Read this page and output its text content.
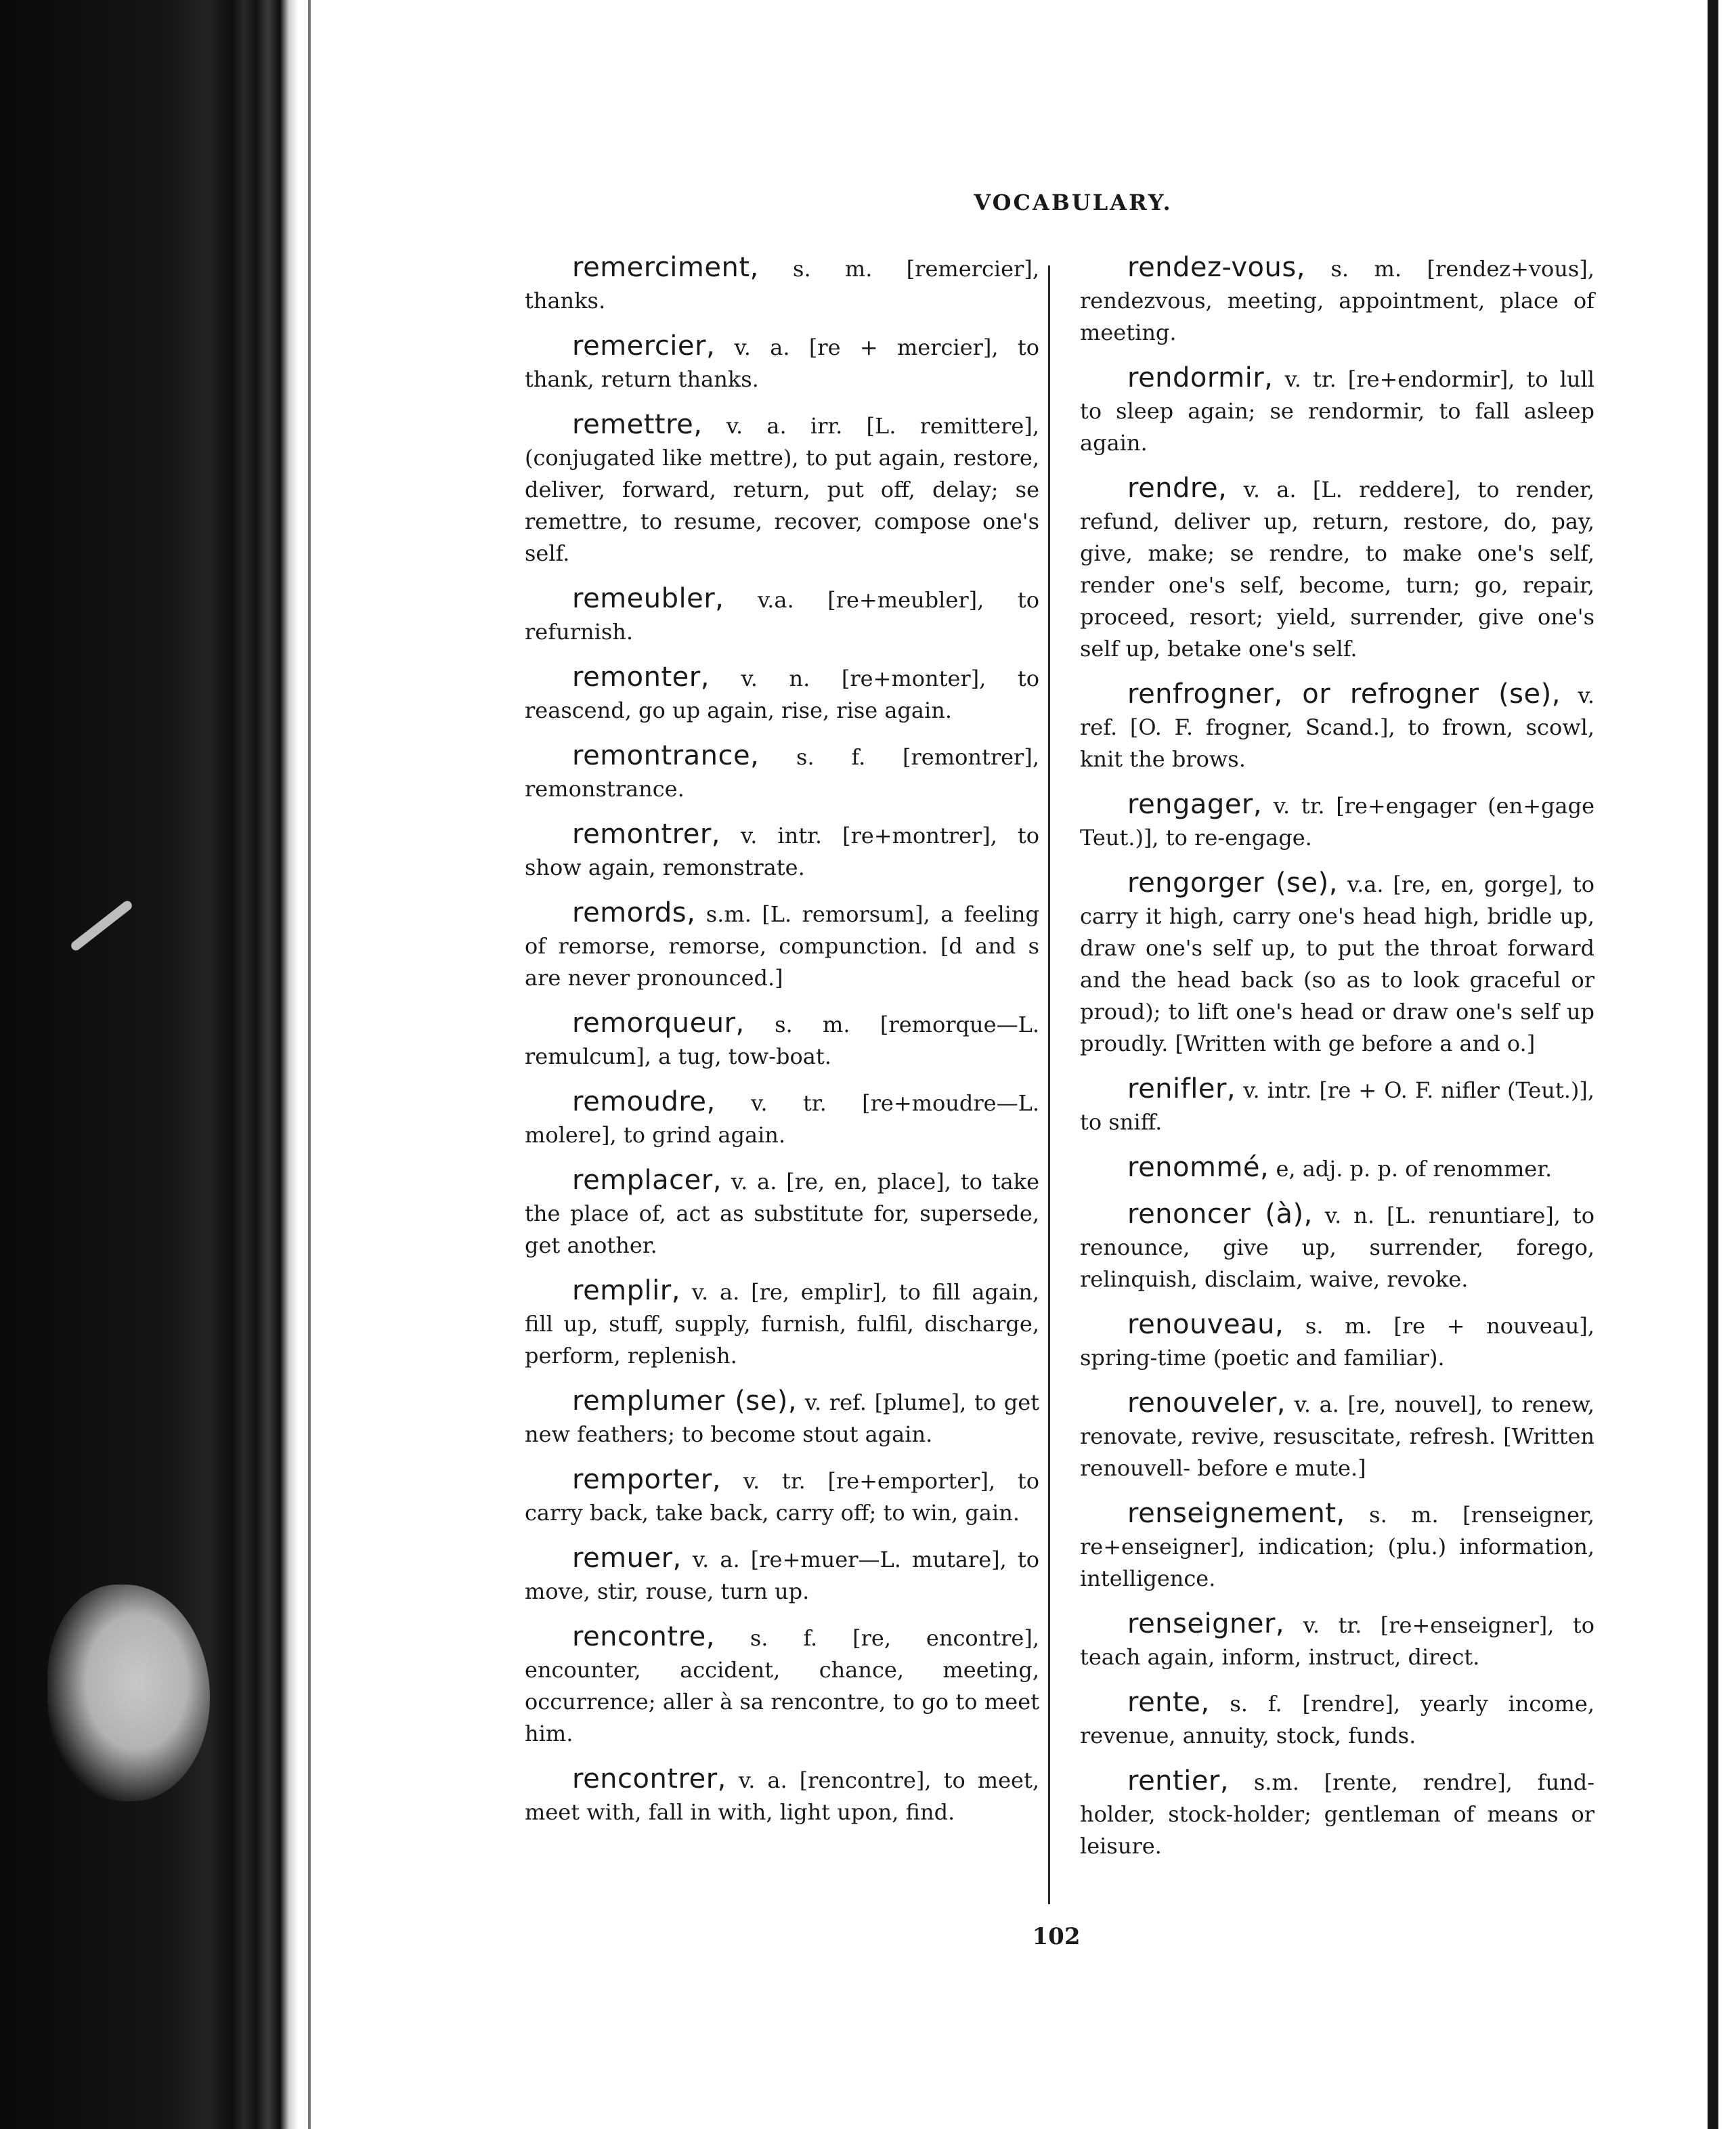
VOCABULARY.

remerciment, s. m. [remercier], thanks.

remercier, v. a. [re + mercier], to thank, return thanks.

remettre, v. a. irr. [L. remittere], (conjugated like mettre), to put again, restore, deliver, forward, return, put off, delay; se remettre, to resume, recover, compose one's self.

remeubler, v.a. [re+meubler], to refurnish.

remonter, v. n. [re+monter], to reascend, go up again, rise, rise again.

remontrance, s. f. [remontrer], remonstrance.

remontrer, v. intr. [re+montrer], to show again, remonstrate.

remords, s.m. [L. remorsum], a feeling of remorse, remorse, compunction. [d and s are never pronounced.]

remorqueur, s. m. [remorque—L. remulcum], a tug, tow-boat.

remoudre, v. tr. [re+moudre—L. molere], to grind again.

remplacer, v. a. [re, en, place], to take the place of, act as substitute for, supersede, get another.

remplir, v. a. [re, emplir], to fill again, fill up, stuff, supply, furnish, fulfil, discharge, perform, replenish.

remplumer (se), v. ref. [plume], to get new feathers; to become stout again.

remporter, v. tr. [re+emporter], to carry back, take back, carry off; to win, gain.

remuer, v. a. [re+muer—L. mutare], to move, stir, rouse, turn up.

rencontre, s. f. [re, encontre], encounter, accident, chance, meeting, occurrence; aller à sa rencontre, to go to meet him.

rencontrer, v. a. [rencontre], to meet, meet with, fall in with, light upon, find.

rendez-vous, s. m. [rendez+vous], rendezvous, meeting, appointment, place of meeting.

rendormir, v. tr. [re+endormir], to lull to sleep again; se rendormir, to fall asleep again.

rendre, v. a. [L. reddere], to render, refund, deliver up, return, restore, do, pay, give, make; se rendre, to make one's self, render one's self, become, turn; go, repair, proceed, resort; yield, surrender, give one's self up, betake one's self.

renfrogner, or refrogner (se), v. ref. [O. F. frogner, Scand.], to frown, scowl, knit the brows.

rengager, v. tr. [re+engager (en+gage Teut.)], to re-engage.

rengorger (se), v.a. [re, en, gorge], to carry it high, carry one's head high, bridle up, draw one's self up, to put the throat forward and the head back (so as to look graceful or proud); to lift one's head or draw one's self up proudly. [Written with ge before a and o.]

renifler, v. intr. [re + O. F. nifler (Teut.)], to sniff.

renommé, e, adj. p. p. of renommer.

renoncer (à), v. n. [L. renuntiare], to renounce, give up, surrender, forego, relinquish, disclaim, waive, revoke.

renouveau, s. m. [re + nouveau], spring-time (poetic and familiar).

renouveler, v. a. [re, nouvel], to renew, renovate, revive, resuscitate, refresh. [Written renouvell- before e mute.]

renseignement, s. m. [renseigner, re+enseigner], indication; (plu.) information, intelligence.

renseigner, v. tr. [re+enseigner], to teach again, inform, instruct, direct.

rente, s. f. [rendre], yearly income, revenue, annuity, stock, funds.

rentier, s.m. [rente, rendre], fund-holder, stock-holder; gentleman of means or leisure.

102
